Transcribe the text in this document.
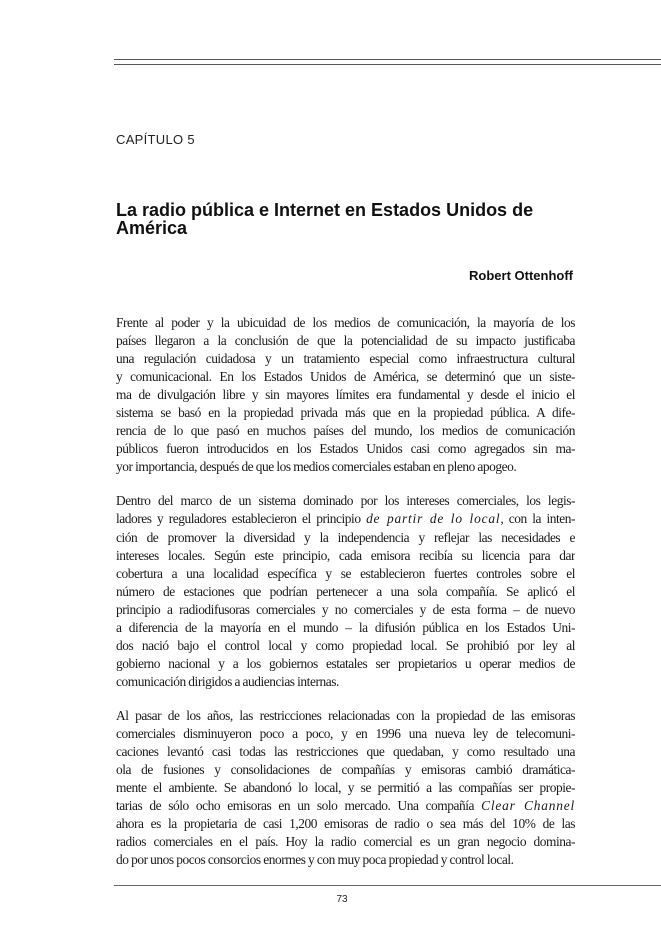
CAPÍTULO 5
La radio pública e Internet en Estados Unidos de América
Robert Ottenhoff
Frente al poder y la ubicuidad de los medios de comunicación, la mayoría de los
países llegaron a la conclusión de que la potencialidad de su impacto justificaba
una regulación cuidadosa y un tratamiento especial como infraestructura cultural
y comunicacional. En los Estados Unidos de América, se determinó que un siste-
ma de divulgación libre y sin mayores límites era fundamental y desde el inicio el
sistema se basó en la propiedad privada más que en la propiedad pública. A dife-
rencia de lo que pasó en muchos países del mundo, los medios de comunicación
públicos fueron introducidos en los Estados Unidos casi como agregados sin ma-
yor importancia, después de que los medios comerciales estaban en pleno apogeo.
Dentro del marco de un sistema dominado por los intereses comerciales, los legis-
ladores y reguladores establecieron el principio de partir de lo local, con la inten-
ción de promover la diversidad y la independencia y reflejar las necesidades e
intereses locales. Según este principio, cada emisora recibía su licencia para dar
cobertura a una localidad específica y se establecieron fuertes controles sobre el
número de estaciones que podrían pertenecer a una sola compañía. Se aplicó el
principio a radiodifusoras comerciales y no comerciales y de esta forma – de nuevo
a diferencia de la mayoría en el mundo – la difusión pública en los Estados Uni-
dos nació bajo el control local y como propiedad local. Se prohibió por ley al
gobierno nacional y a los gobiernos estatales ser propietarios u operar medios de
comunicación dirigidos a audiencias internas.
Al pasar de los años, las restricciones relacionadas con la propiedad de las emisoras
comerciales disminuyeron poco a poco, y en 1996 una nueva ley de telecomuni-
caciones levantó casi todas las restricciones que quedaban, y como resultado una
ola de fusiones y consolidaciones de compañías y emisoras cambió dramática-
mente el ambiente. Se abandonó lo local, y se permitió a las compañías ser propie-
tarias de sólo ocho emisoras en un solo mercado. Una compañía Clear Channel
ahora es la propietaria de casi 1,200 emisoras de radio o sea más del 10% de las
radios comerciales en el país. Hoy la radio comercial es un gran negocio domina-
do por unos pocos consorcios enormes y con muy poca propiedad y control local.
73
